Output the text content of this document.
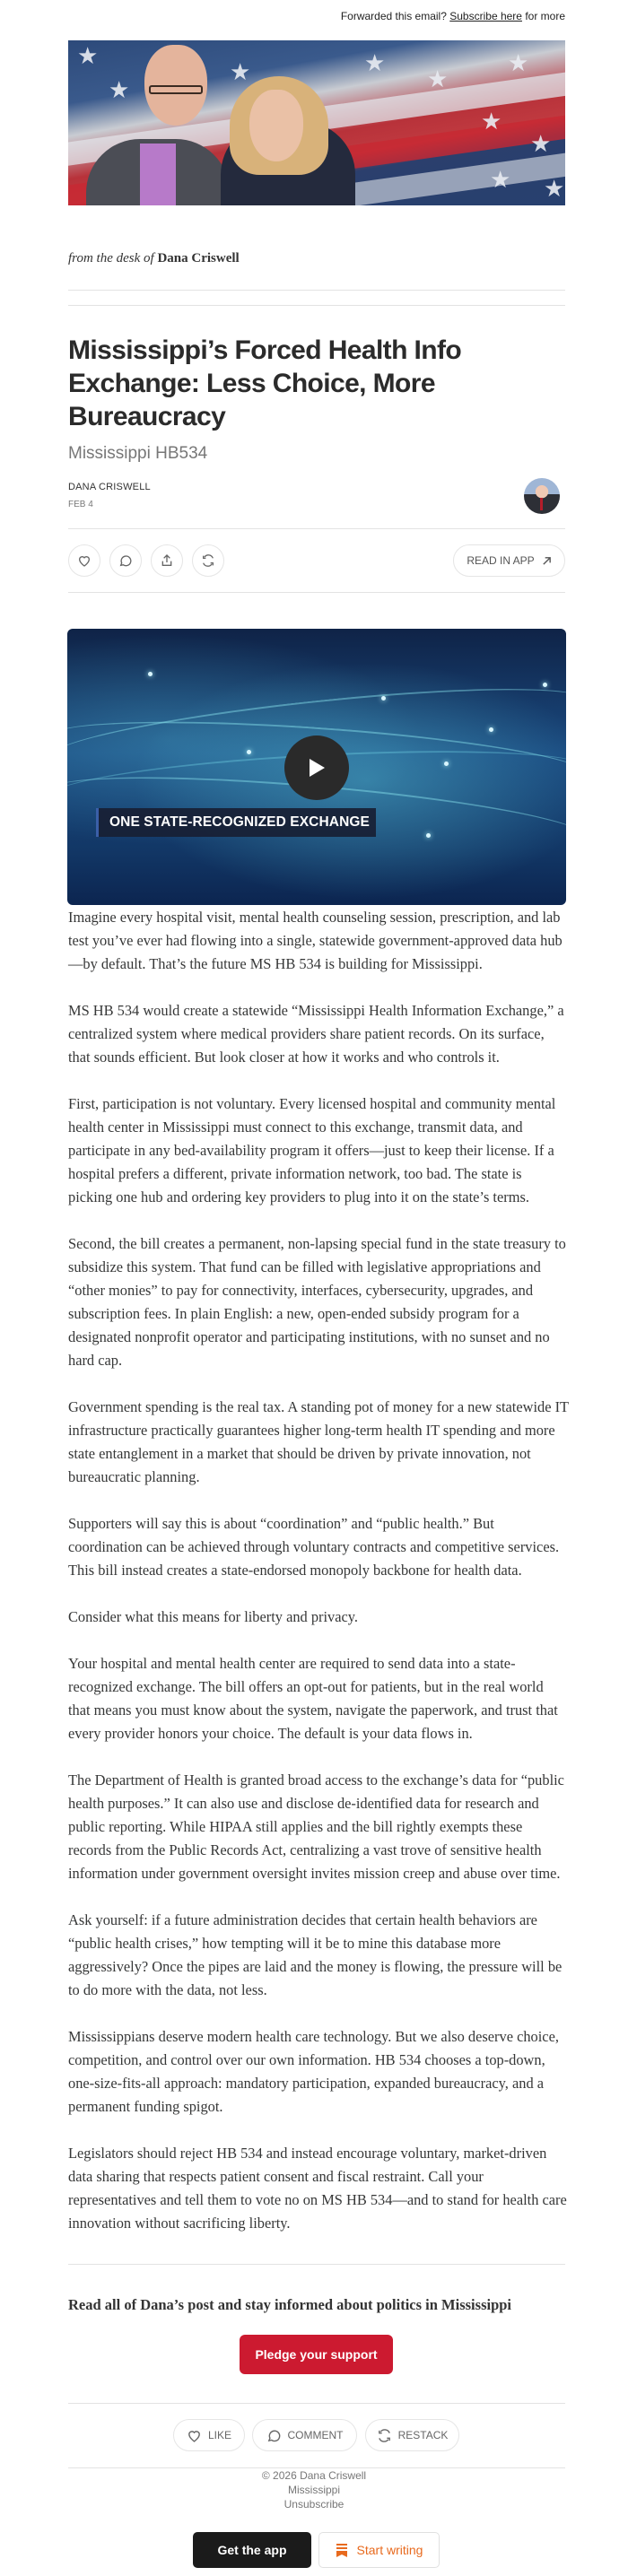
Forwarded this email? Subscribe here for more
★
★
★	★
★
★
★
★
★ ★
from the desk of Dana Criswell
Mississippi’s Forced Health Info Exchange: Less Choice, More Bureaucracy
Mississippi HB534
DANA CRISWELL
FEB 4
READ IN APP
ONE STATE-RECOGNIZED EXCHANGE

Imagine every hospital visit, mental health counseling session, prescription, and lab test you’ve ever had flowing into a single, statewide government-approved data hub—by default. That’s the future MS HB 534 is building for Mississippi.

MS HB 534 would create a statewide “Mississippi Health Information Exchange,” a centralized system where medical providers share patient records. On its surface, that sounds efficient. But look closer at how it works and who controls it.

First, participation is not voluntary. Every licensed hospital and community mental health center in Mississippi must connect to this exchange, transmit data, and participate in any bed-availability program it offers—just to keep their license. If a hospital prefers a different, private information network, too bad. The state is picking one hub and ordering key providers to plug into it on the state’s terms.

Second, the bill creates a permanent, non-lapsing special fund in the state treasury to subsidize this system. That fund can be filled with legislative appropriations and “other monies” to pay for connectivity, interfaces, cybersecurity, upgrades, and subscription fees. In plain English: a new, open-ended subsidy program for a designated nonprofit operator and participating institutions, with no sunset and no hard cap.

Government spending is the real tax. A standing pot of money for a new statewide IT infrastructure practically guarantees higher long-term health IT spending and more state entanglement in a market that should be driven by private innovation, not bureaucratic planning.

Supporters will say this is about “coordination” and “public health.” But coordination can be achieved through voluntary contracts and competitive services. This bill instead creates a state-endorsed monopoly backbone for health data.

Consider what this means for liberty and privacy.

Your hospital and mental health center are required to send data into a state-recognized exchange. The bill offers an opt-out for patients, but in the real world that means you must know about the system, navigate the paperwork, and trust that every provider honors your choice. The default is your data flows in.

The Department of Health is granted broad access to the exchange’s data for “public health purposes.” It can also use and disclose de-identified data for research and public reporting. While HIPAA still applies and the bill rightly exempts these records from the Public Records Act, centralizing a vast trove of sensitive health information under government oversight invites mission creep and abuse over time.

Ask yourself: if a future administration decides that certain health behaviors are “public health crises,” how tempting will it be to mine this database more aggressively? Once the pipes are laid and the money is flowing, the pressure will be to do more with the data, not less.

Mississippians deserve modern health care technology. But we also deserve choice, competition, and control over our own information. HB 534 chooses a top-down, one-size-fits-all approach: mandatory participation, expanded bureaucracy, and a permanent funding spigot.

Legislators should reject HB 534 and instead encourage voluntary, market-driven data sharing that respects patient consent and fiscal restraint. Call your representatives and tell them to vote no on MS HB 534—and to stand for health care innovation without sacrificing liberty.

Read all of Dana’s post and stay informed about politics in Mississippi
Pledge your support
LIKE	COMMENT	RESTACK
© 2026 Dana Criswell
Mississippi
Unsubscribe
Get the app	Start writing
